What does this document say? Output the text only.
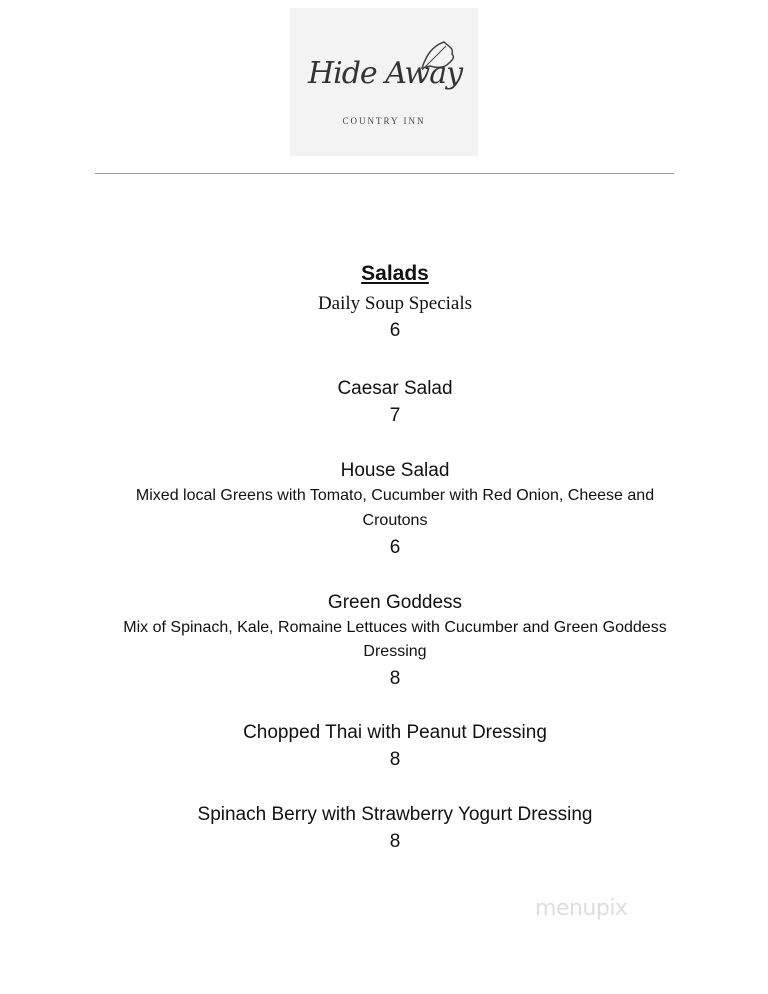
Hide Away
COUNTRY INN
Salads
Daily Soup Specials
6
Caesar Salad
7
House Salad
Mixed local Greens with Tomato, Cucumber with Red Onion, Cheese and
Croutons
6
Green Goddess
Mix of Spinach, Kale, Romaine Lettuces with Cucumber and Green Goddess
Dressing
8
Chopped Thai with Peanut Dressing
8
Spinach Berry with Strawberry Yogurt Dressing
8
menupix
